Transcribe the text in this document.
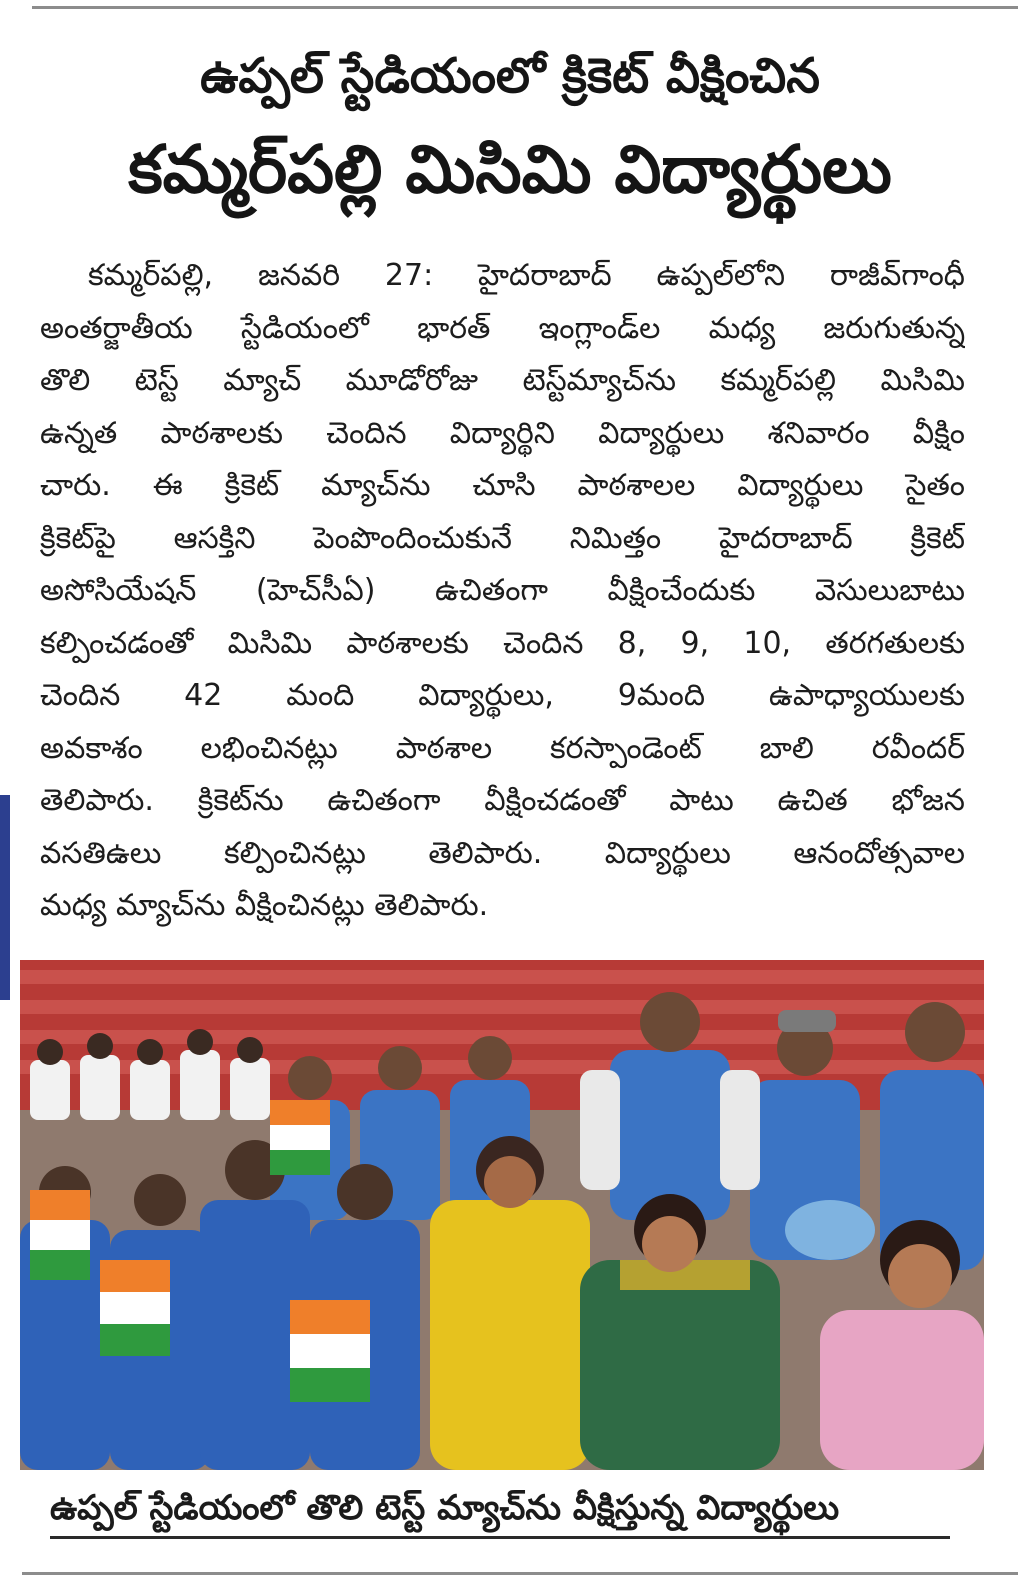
ఉప్పల్ స్టేడియంలో క్రికెట్ వీక్షించిన
కమ్మర్‌పల్లి మిసిమి విద్యార్థులు
కమ్మర్‌పల్లి, జనవరి 27: హైదరాబాద్ ఉప్పల్‌లోని రాజీవ్‌గాంధీ
అంతర్జాతీయ స్టేడియంలో భారత్ ఇంగ్లాండ్‌ల మధ్య జరుగుతున్న
తొలి టెస్ట్ మ్యాచ్ మూడోరోజు టెస్ట్‌మ్యాచ్‌ను కమ్మర్‌పల్లి మిసిమి
ఉన్నత పాఠశాలకు చెందిన విద్యార్థిని విద్యార్థులు శనివారం వీక్షిం
చారు. ఈ క్రికెట్ మ్యాచ్‌ను చూసి పాఠశాలల విద్యార్థులు సైతం
క్రికెట్‌పై ఆసక్తిని పెంపొందించుకునే నిమిత్తం హైదరాబాద్ క్రికెట్
అసోసియేషన్ (హెచ్‌సీఏ) ఉచితంగా వీక్షించేందుకు వెసులుబాటు
కల్పించడంతో మిసిమి పాఠశాలకు చెందిన 8, 9, 10, తరగతులకు
చెందిన 42 మంది విద్యార్థులు, 9మంది ఉపాధ్యాయులకు
అవకాశం లభించినట్లు పాఠశాల కరస్పాండెంట్ బాలి రవీందర్
తెలిపారు. క్రికెట్‌ను ఉచితంగా వీక్షించడంతో పాటు ఉచిత భోజన
వసతిఉలు కల్పించినట్లు తెలిపారు. విద్యార్థులు ఆనందోత్సవాల
మధ్య మ్యాచ్‌ను వీక్షించినట్లు తెలిపారు.
ఉప్పల్ స్టేడియంలో తొలి టెస్ట్ మ్యాచ్‌ను వీక్షిస్తున్న విద్యార్థులు
